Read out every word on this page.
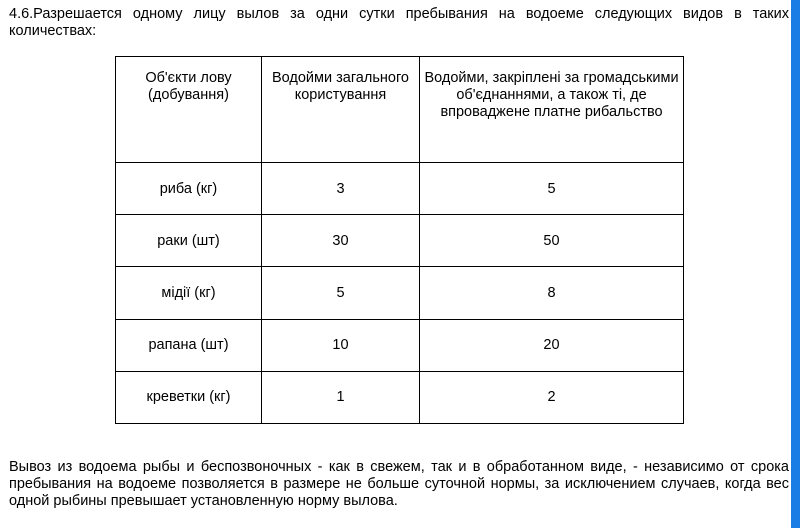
4.6.Разрешается одному лицу вылов за одни сутки пребывания на водоеме следующих видов в таких количествах:

Об'єкти лову (добування)	Водойми загального користування	Водойми, закріплені за громадськими об'єднаннями, а також ті, де впроваджене платне рибальство
риба (кг)	3	5
раки (шт)	30	50
мідії (кг)	5	8
рапана (шт)	10	20
креветки (кг)	1	2

Вывоз из водоема рыбы и беспозвоночных - как в свежем, так и в обработанном виде, - независимо от срока пребывания на водоеме позволяется в размере не больше суточной нормы, за исключением случаев, когда вес одной рыбины превышает установленную норму вылова.
